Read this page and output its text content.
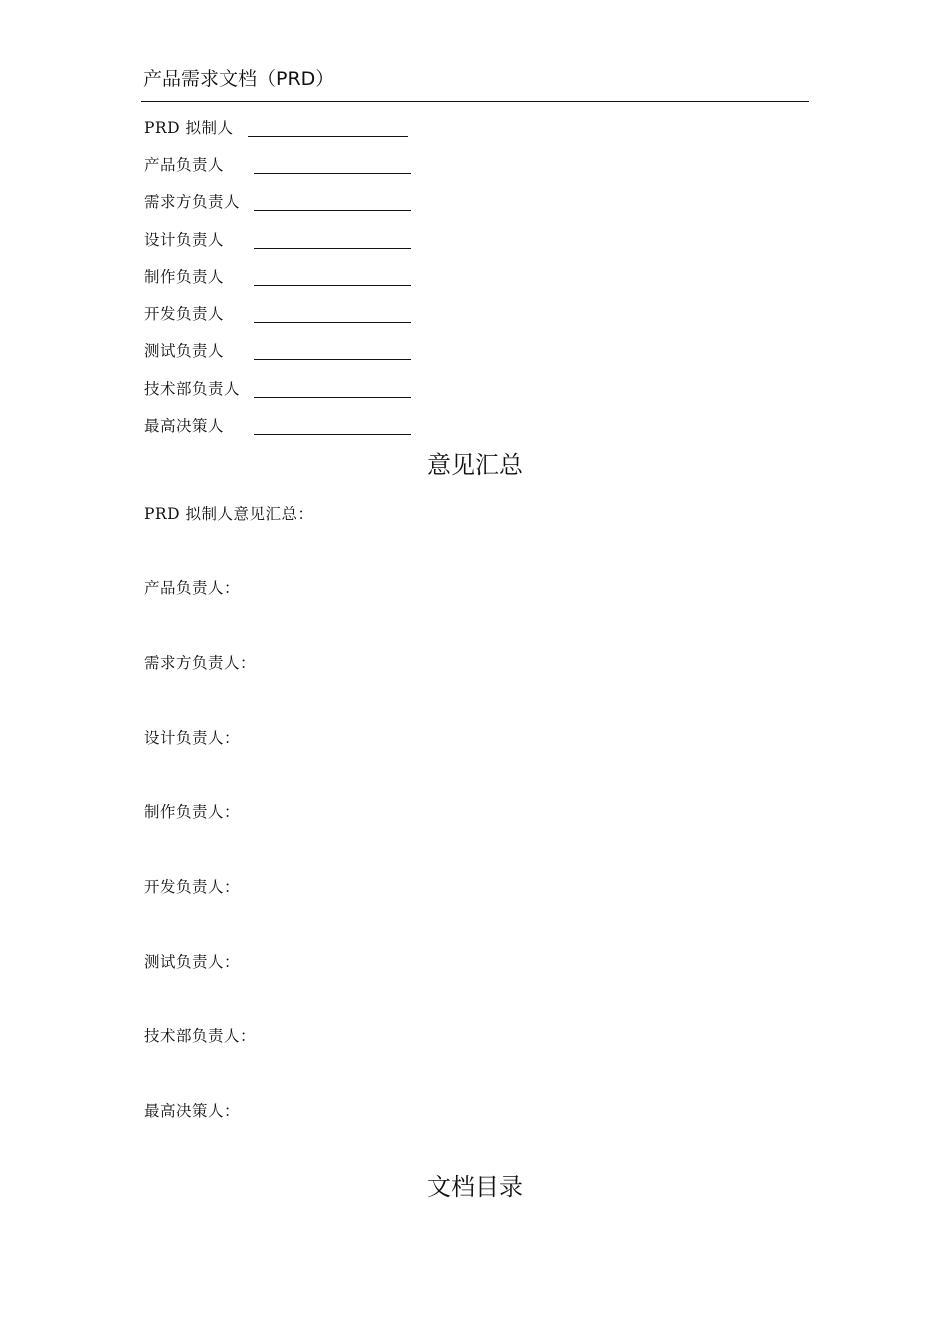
产品需求文档（PRD）
PRD 拟制人
产品负责人
需求方负责人
设计负责人
制作负责人
开发负责人
测试负责人
技术部负责人
最高决策人
意见汇总
PRD 拟制人意见汇总：
产品负责人：
需求方负责人：
设计负责人：
制作负责人：
开发负责人：
测试负责人：
技术部负责人：
最高决策人：
文档目录
